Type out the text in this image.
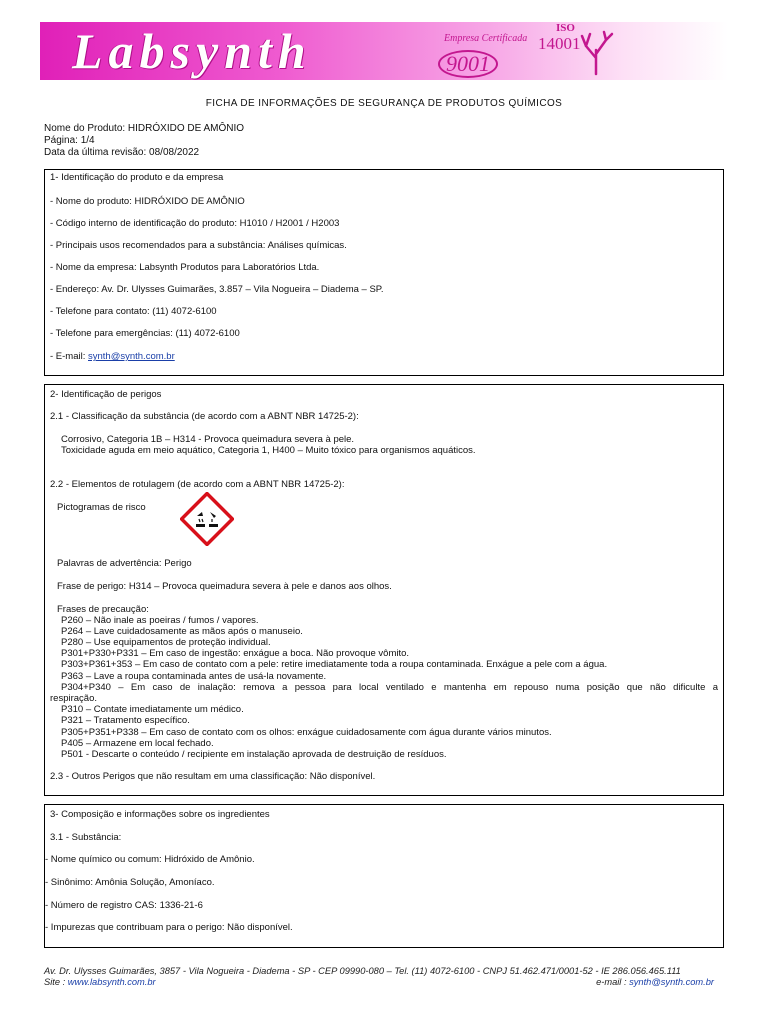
Labsynth	Empresa Certificada
9001
ISO
14001
FICHA DE INFORMAÇÕES DE SEGURANÇA DE PRODUTOS QUÍMICOS
Nome do Produto: HIDRÓXIDO DE AMÔNIO
Página: 1/4
Data da última revisão: 08/08/2022
1- Identificação do produto e da empresa
- Nome do produto: HIDRÓXIDO DE AMÔNIO
- Código interno de identificação do produto: H1010 / H2001 / H2003
- Principais usos recomendados para a substância: Análises químicas.
- Nome da empresa: Labsynth Produtos para Laboratórios Ltda.
- Endereço: Av. Dr. Ulysses Guimarães, 3.857 – Vila Nogueira – Diadema – SP.
- Telefone para contato: (11) 4072-6100
- Telefone para emergências: (11) 4072-6100
- E-mail: synth@synth.com.br
2- Identificação de perigos
2.1 - Classificação da substância (de acordo com a ABNT NBR 14725-2):
Corrosivo, Categoria 1B – H314 - Provoca queimadura severa à pele.
Toxicidade aguda em meio aquático, Categoria 1, H400 – Muito tóxico para organismos aquáticos.
2.2 - Elementos de rotulagem (de acordo com a ABNT NBR 14725-2):
Pictogramas de risco
Palavras de advertência: Perigo
Frase de perigo: H314 – Provoca queimadura severa à pele e danos aos olhos.
Frases de precaução:
P260 – Não inale as poeiras / fumos / vapores.
P264 – Lave cuidadosamente as mãos após o manuseio.
P280 – Use equipamentos de proteção individual.
P301+P330+P331 – Em caso de ingestão: enxágue a boca. Não provoque vômito.
P303+P361+353 – Em caso de contato com a pele: retire imediatamente toda a roupa contaminada. Enxágue a pele com a água.
P363 – Lave a roupa contaminada antes de usá-la novamente.
P304+P340 – Em caso de inalação: remova a pessoa para local ventilado e mantenha em repouso numa posição que não dificulte a
respiração.
P310 – Contate imediatamente um médico.
P321 – Tratamento específico.
P305+P351+P338 – Em caso de contato com os olhos: enxágue cuidadosamente com água durante vários minutos.
P405 – Armazene em local fechado.
P501 - Descarte o conteúdo / recipiente em instalação aprovada de destruição de resíduos.
2.3 - Outros Perigos que não resultam em uma classificação: Não disponível.
3- Composição e informações sobre os ingredientes
3.1 - Substância:
- Nome químico ou comum: Hidróxido de Amônio.
- Sinônimo: Amônia Solução, Amoníaco.
- Número de registro CAS: 1336-21-6
- Impurezas que contribuam para o perigo: Não disponível.
Av. Dr. Ulysses Guimarães, 3857 - Vila Nogueira - Diadema - SP - CEP 09990-080 – Tel. (11) 4072-6100 - CNPJ 51.462.471/0001-52 - IE 286.056.465.111
Site : www.labsynth.com.br	e-mail : synth@synth.com.br
